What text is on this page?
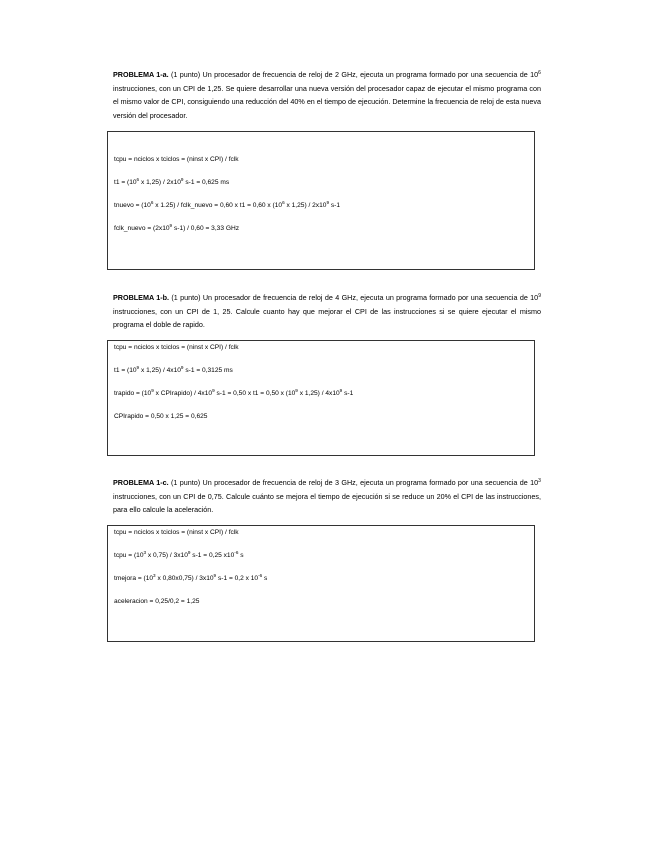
PROBLEMA 1-a. (1 punto) Un procesador de frecuencia de reloj de 2 GHz, ejecuta un programa formado por una secuencia de $10^6$ instrucciones, con un CPI de 1,25. Se quiere desarrollar una nueva versión del procesador capaz de ejecutar el mismo programa con el mismo valor de CPI, consiguiendo una reducción del 40% en el tiempo de ejecución. Determine la frecuencia de reloj de esta nueva versión del procesador.
tcpu = nciclos x tciclos = (ninst x CPI) / fclk
$t1 = (10^6$ x $1,25) / 2x10^9$ s-1 = 0,625 ms
tnuevo = ($10^6$ x 1.25) / fclk_nuevo = 0,60 x t1 = 0,60 x ($10^6$ x $1,25) / 2x10^9$ s-1
fclk_nuevo = ($2x10^9$ s-1) / 0,60 = 3,33 GHz
PROBLEMA 1-b. (1 punto) Un procesador de frecuencia de reloj de 4 GHz, ejecuta un programa formado por una secuencia de $10^9$ instrucciones, con un CPI de 1, 25. Calcule cuanto hay que mejorar el CPI de las instrucciones si se quiere ejecutar el mismo programa el doble de rapido.
tcpu = nciclos x tciclos = (ninst x CPI) / fclk
$t1 = (10^9$ x $1,25) / 4x10^9$ s-1 = 0,3125 ms
trapido = ($10^9$ x CPIrapido) / $4x10^9$ s-1 = 0,50 x t1 = 0,50 x ($10^9$ x $1,25) / 4x10^9$ s-1
CPIrapido = 0,50 x 1,25 = 0,625
PROBLEMA 1-c. (1 punto) Un procesador de frecuencia de reloj de 3 GHz, ejecuta un programa formado por una secuencia de $10^3$ instrucciones, con un CPI de 0,75. Calcule cuánto se mejora el tiempo de ejecución si se reduce un 20% el CPI de las instrucciones, para ello calcule la aceleración.
tcpu = nciclos x tciclos = (ninst x CPI) / fclk
tcpu = ($10^3$ x $0,75) / 3x10^9$ s-1 = 0,25 $x10^{-6}$ s
tmejora = ($10^3$ x $0,80x0,75) / 3x10^9$ s-1 = 0,2 x $10^{-6}$ s
aceleracion = 0,25/0,2 = 1,25
